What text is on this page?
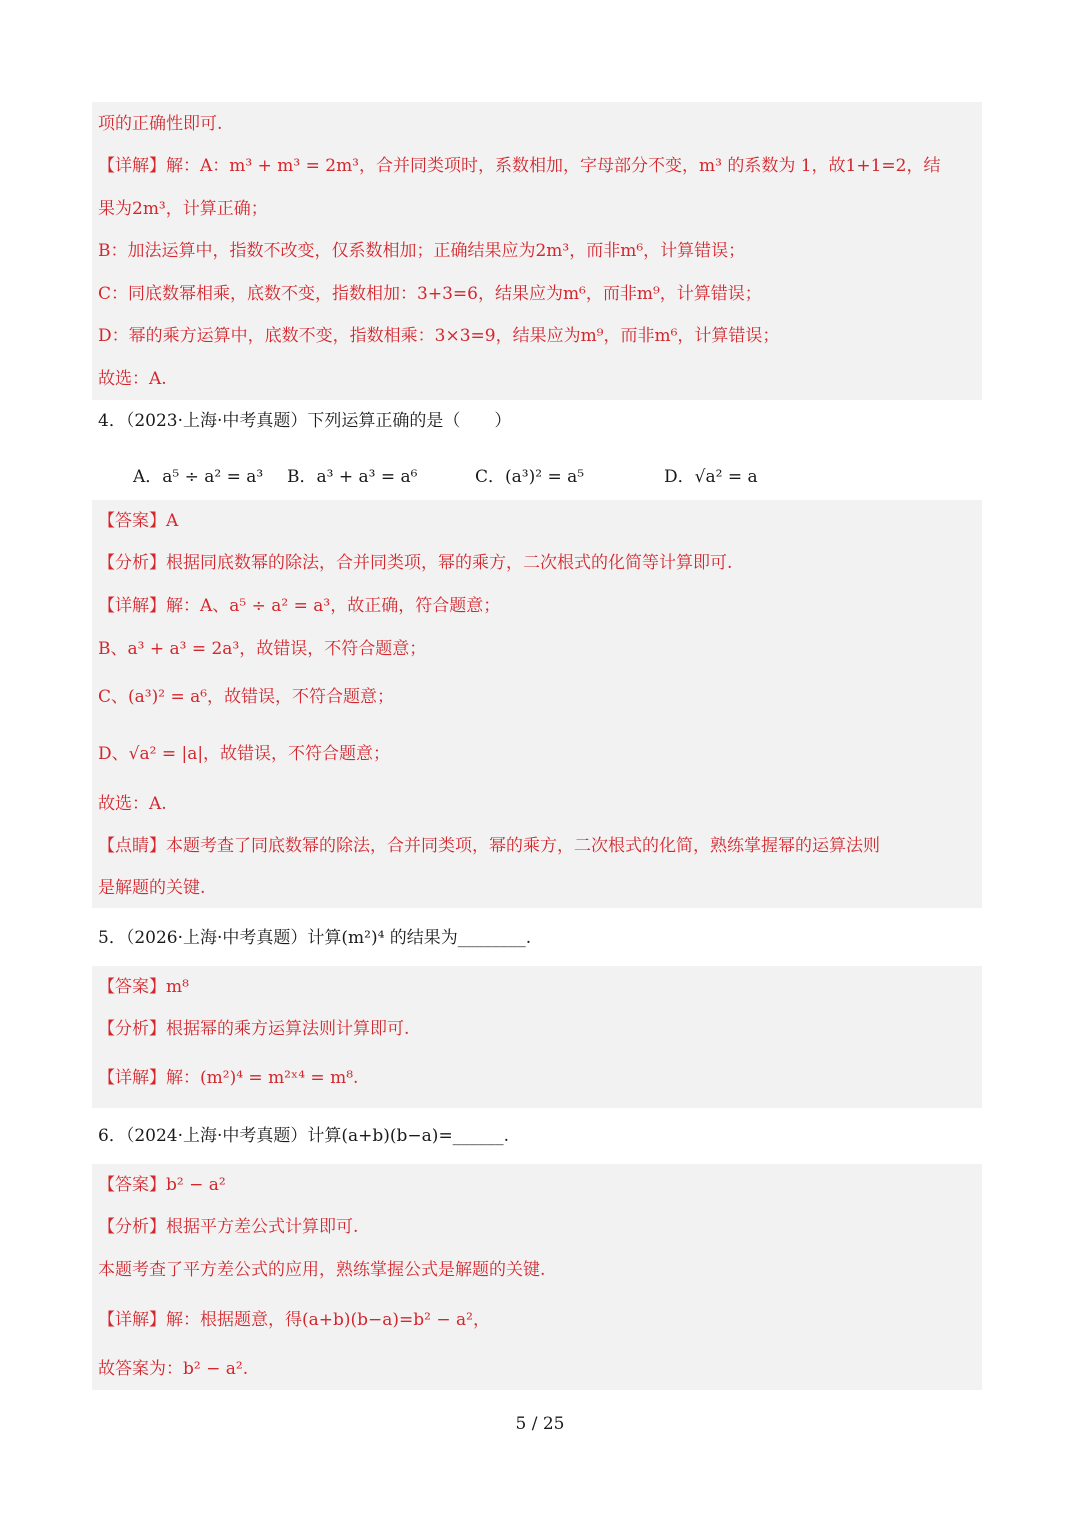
项的正确性即可.
【详解】解：A：m³ + m³ = 2m³，合并同类项时，系数相加，字母部分不变，m³ 的系数为 1，故1+1=2，结
果为2m³，计算正确；
B：加法运算中，指数不改变，仅系数相加；正确结果应为2m³，而非m⁶，计算错误；
C：同底数幂相乘，底数不变，指数相加：3+3=6，结果应为m⁶，而非m⁹，计算错误；
D：幂的乘方运算中，底数不变，指数相乘：3×3=9，结果应为m⁹，而非m⁶，计算错误；
故选：A.
4．（2023·上海·中考真题）下列运算正确的是（　　）
A．a⁵ ÷ a² = a³ B．a³ + a³ = a⁶	C．(a³)² = a⁵	D．√a² = a
【答案】A
【分析】根据同底数幂的除法，合并同类项，幂的乘方，二次根式的化简等计算即可.
【详解】解：A、a⁵ ÷ a² = a³，故正确，符合题意；
B、a³ + a³ = 2a³，故错误，不符合题意；
C、(a³)² = a⁶，故错误，不符合题意；
D、√a² = |a|，故错误，不符合题意；
故选：A.
【点睛】本题考查了同底数幂的除法，合并同类项，幂的乘方，二次根式的化简，熟练掌握幂的运算法则
是解题的关键.
5．（2026·上海·中考真题）计算(m²)⁴ 的结果为________.
【答案】m⁸
【分析】根据幂的乘方运算法则计算即可.
【详解】解：(m²)⁴ = m²ˣ⁴ = m⁸.
6．（2024·上海·中考真题）计算(a+b)(b−a)=______.
【答案】b² − a²
【分析】根据平方差公式计算即可.
本题考查了平方差公式的应用，熟练掌握公式是解题的关键.
【详解】解：根据题意，得(a+b)(b−a)=b² − a²，
故答案为：b² − a².
5 / 25
